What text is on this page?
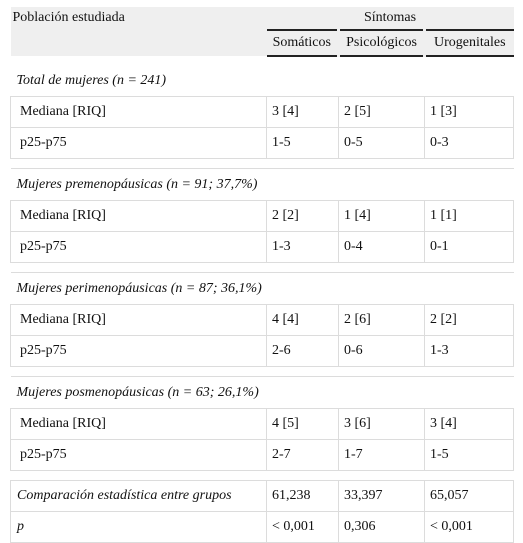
Población estudiada	Síntomas		
	Somáticos	Psicológicos	Urogenitales

Total de mujeres (n = 241)			
Mediana [RIQ]	3 [4]	2 [5]	1 [3]
p25-p75	1-5	0-5	0-3

Mujeres premenopáusicas (n = 91; 37,7%)			
Mediana [RIQ]	2 [2]	1 [4]	1 [1]
p25-p75	1-3	0-4	0-1

Mujeres perimenopáusicas (n = 87; 36,1%)			
Mediana [RIQ]	4 [4]	2 [6]	2 [2]
p25-p75	2-6	0-6	1-3

Mujeres posmenopáusicas (n = 63; 26,1%)			
Mediana [RIQ]	4 [5]	3 [6]	3 [4]
p25-p75	2-7	1-7	1-5

Comparación estadística entre grupos	61,238	33,397	65,057
p	< 0,001	0,306	< 0,001
